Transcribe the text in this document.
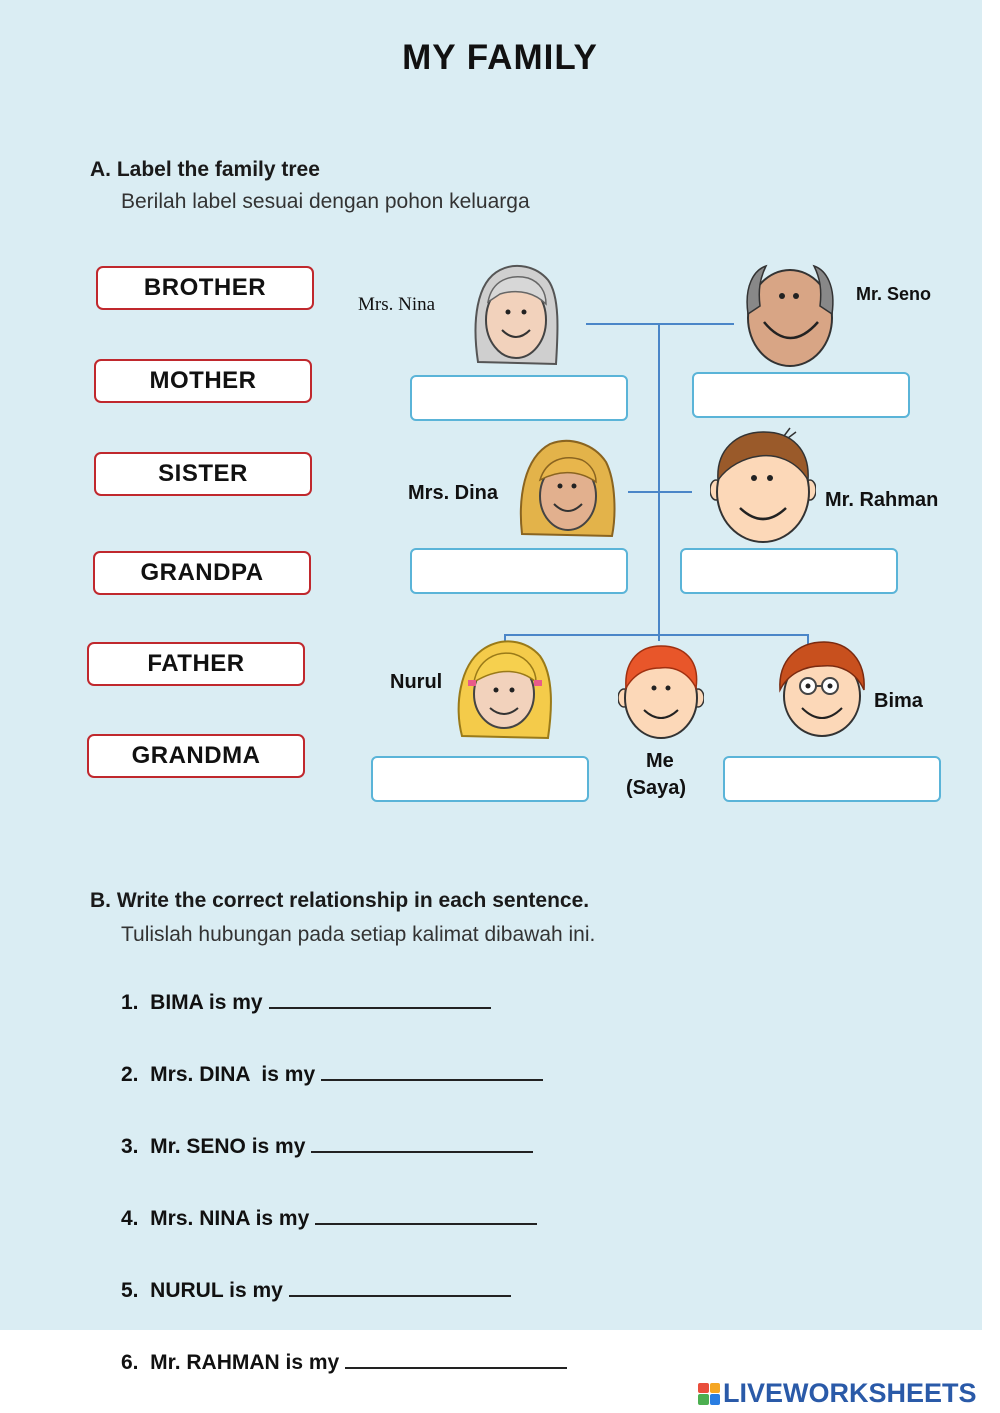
MY FAMILY
A. Label the family tree
Berilah label sesuai dengan pohon keluarga
BROTHER
MOTHER
SISTER
GRANDPA
FATHER
GRANDMA
Mrs. Nina	Mr. Seno
Mrs. Dina	Mr. Rahman
Nurul
Me
(Saya)
Bima
B. Write the correct relationship in each sentence.
Tulislah hubungan pada setiap kalimat dibawah ini.
1.  BIMA is my
2.  Mrs. DINA  is my
3.  Mr. SENO is my
4.  Mrs. NINA is my
5.  NURUL is my
6.  Mr. RAHMAN is my
LIVEWORKSHEETS
